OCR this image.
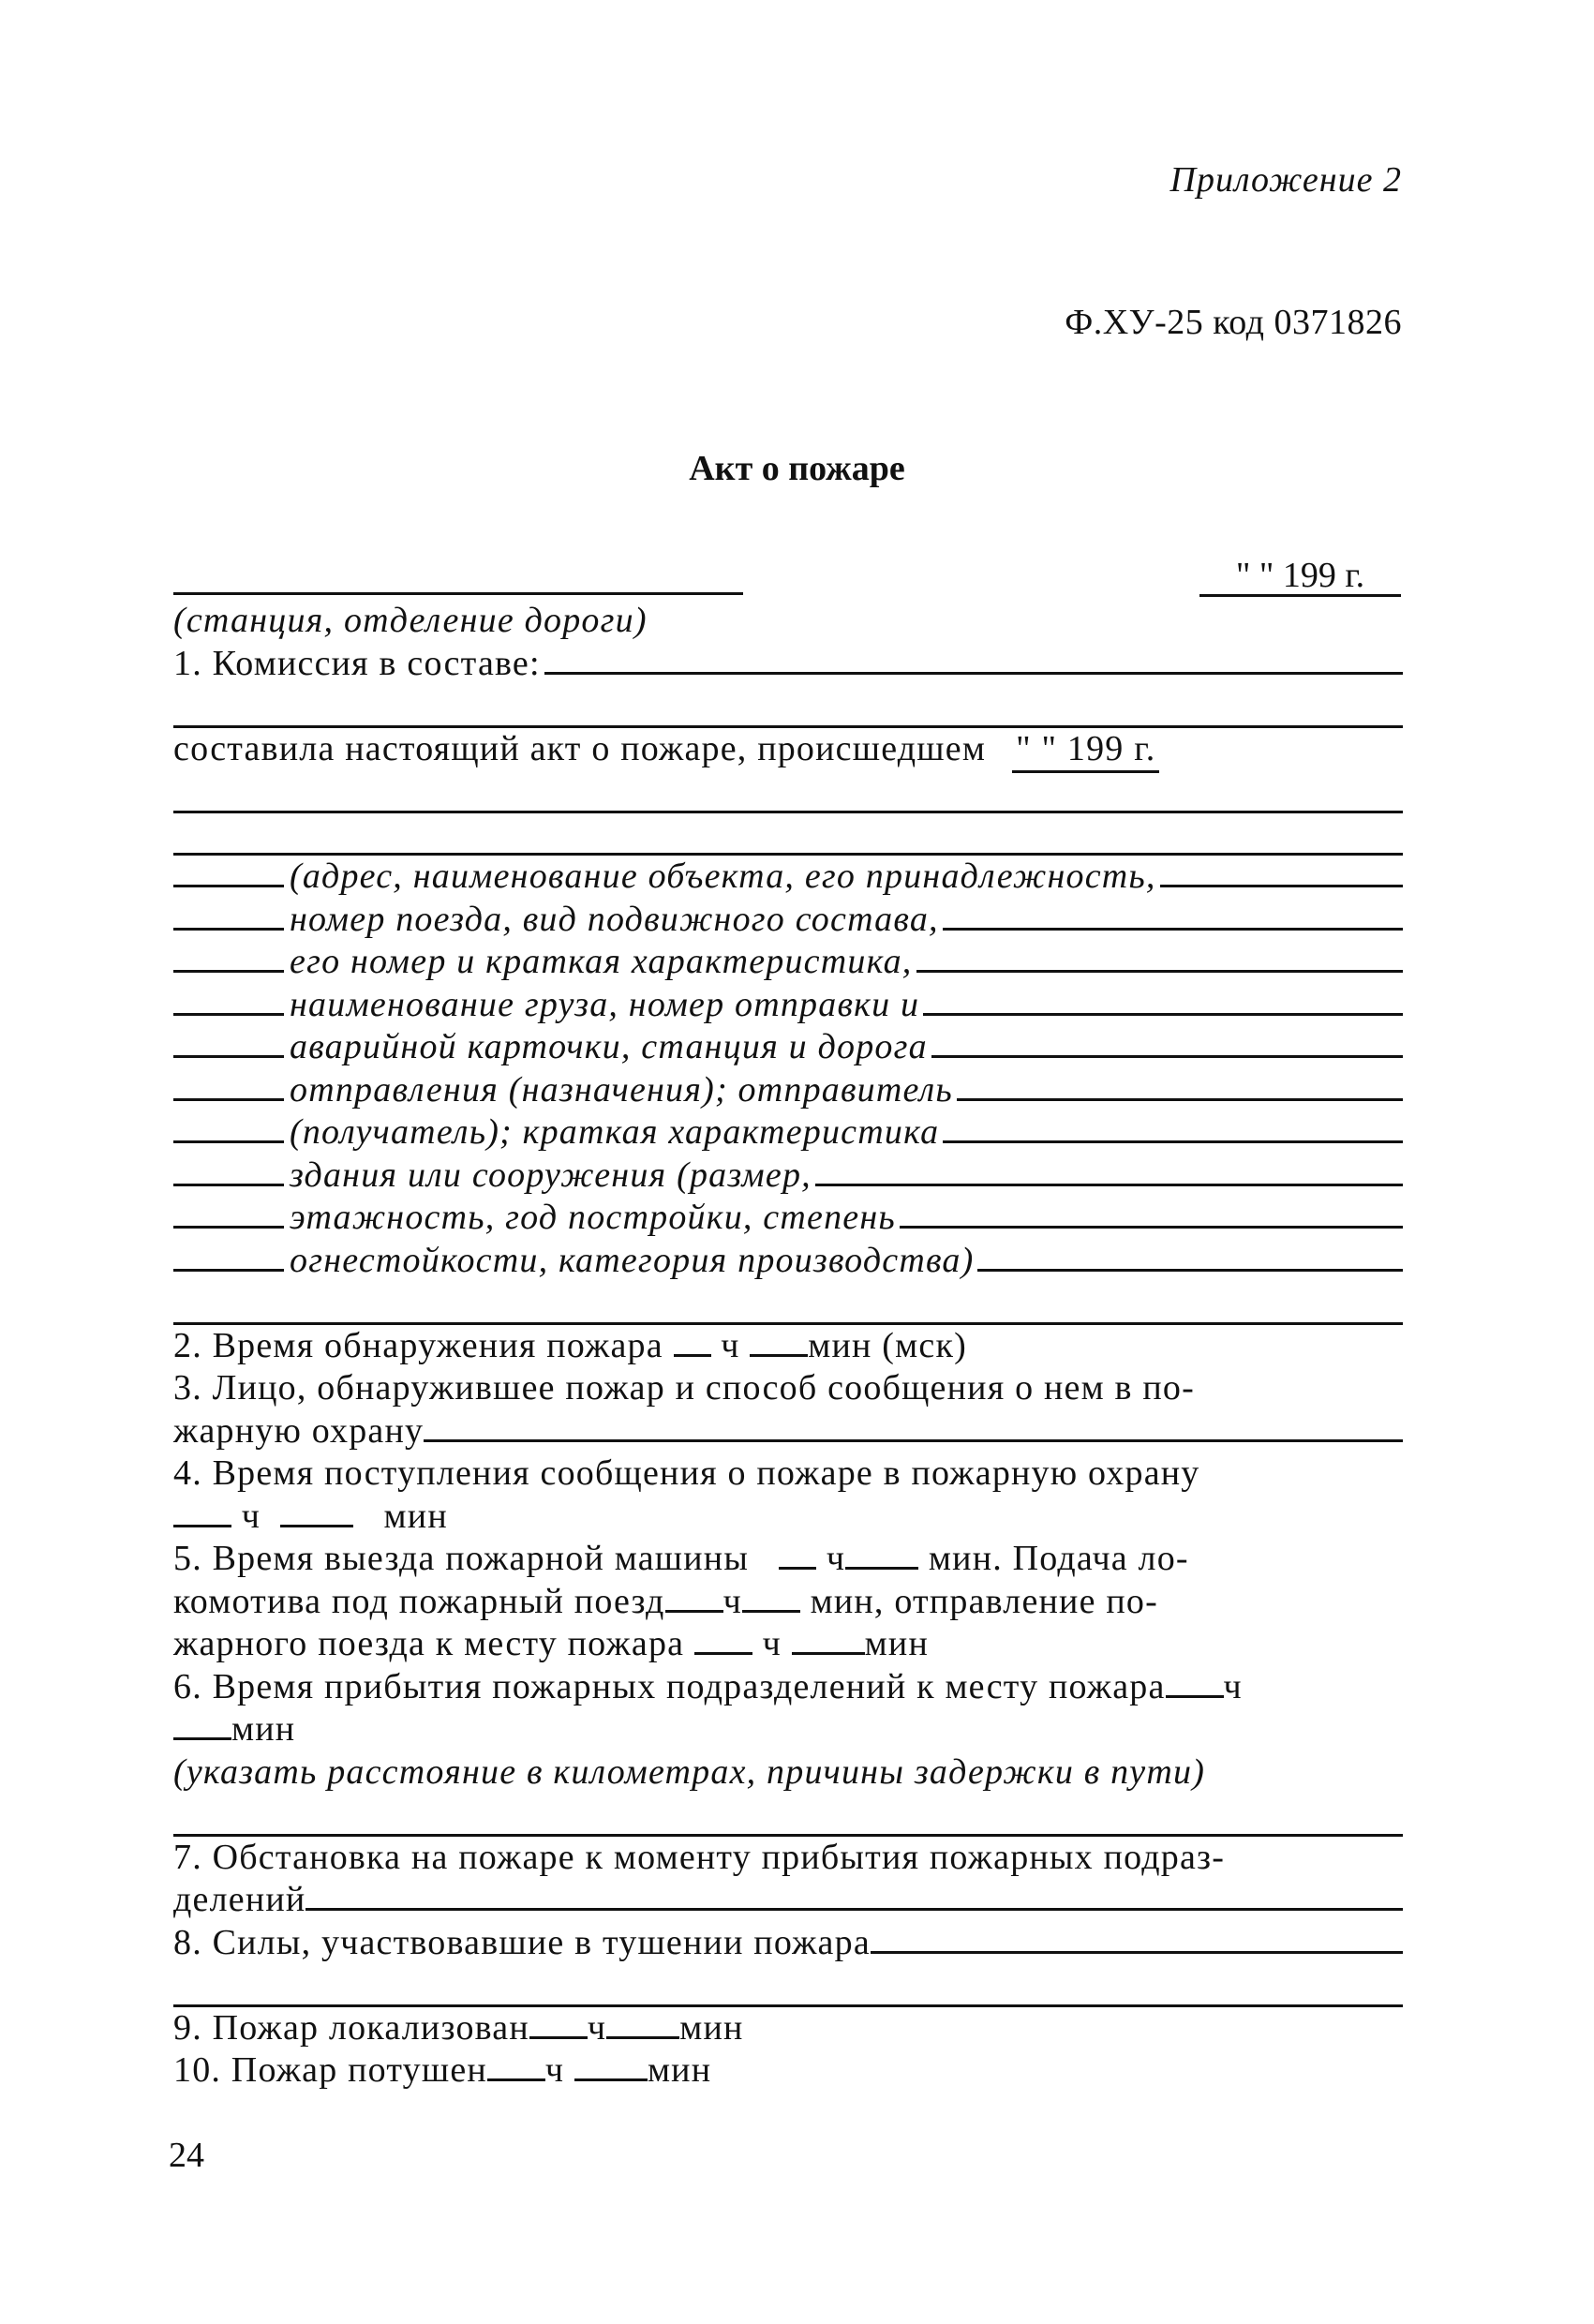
Приложение 2
Ф.ХУ-25 код 0371826
Акт о пожаре
" " 199 г.
(станция, отделение дороги)
1. Комиссия в составе:
составила настоящий акт о пожаре, происшедшем " " 199 г.
(адрес, наименование объекта, его принадлежность,
номер поезда, вид подвижного состава,
его номер и краткая характеристика,
наименование груза, номер отправки и
аварийной карточки, станция и дорога
отправления (назначения); отправитель
(получатель); краткая характеристика
здания или сооружения (размер,
этажность, год постройки, степень
огнестойкости, категория производства)
2. Время обнаружения пожара

ч
мин
(мск)
3. Лицо, обнаружившее пожар и способ сообщения о нем в по-
жарную охрану
4. Время поступления сообщения о пожаре в пожарную охрану

ч

	мин
5. Время выезда пожарной машины

ч
мин. Подача ло-
комотива под пожарный поезд ч
мин, отправление по-
жарного поезда к месту пожара

ч
мин
6. Время прибытия пожарных подразделений к месту пожара ч
мин
(указать расстояние в километрах, причины задержки в пути)
7. Обстановка на пожаре к моменту прибытия пожарных подраз-
делений
8. Силы, участвовавшие в тушении пожара
9. Пожар локализован ч мин
10. Пожар потушен ч
мин
24
